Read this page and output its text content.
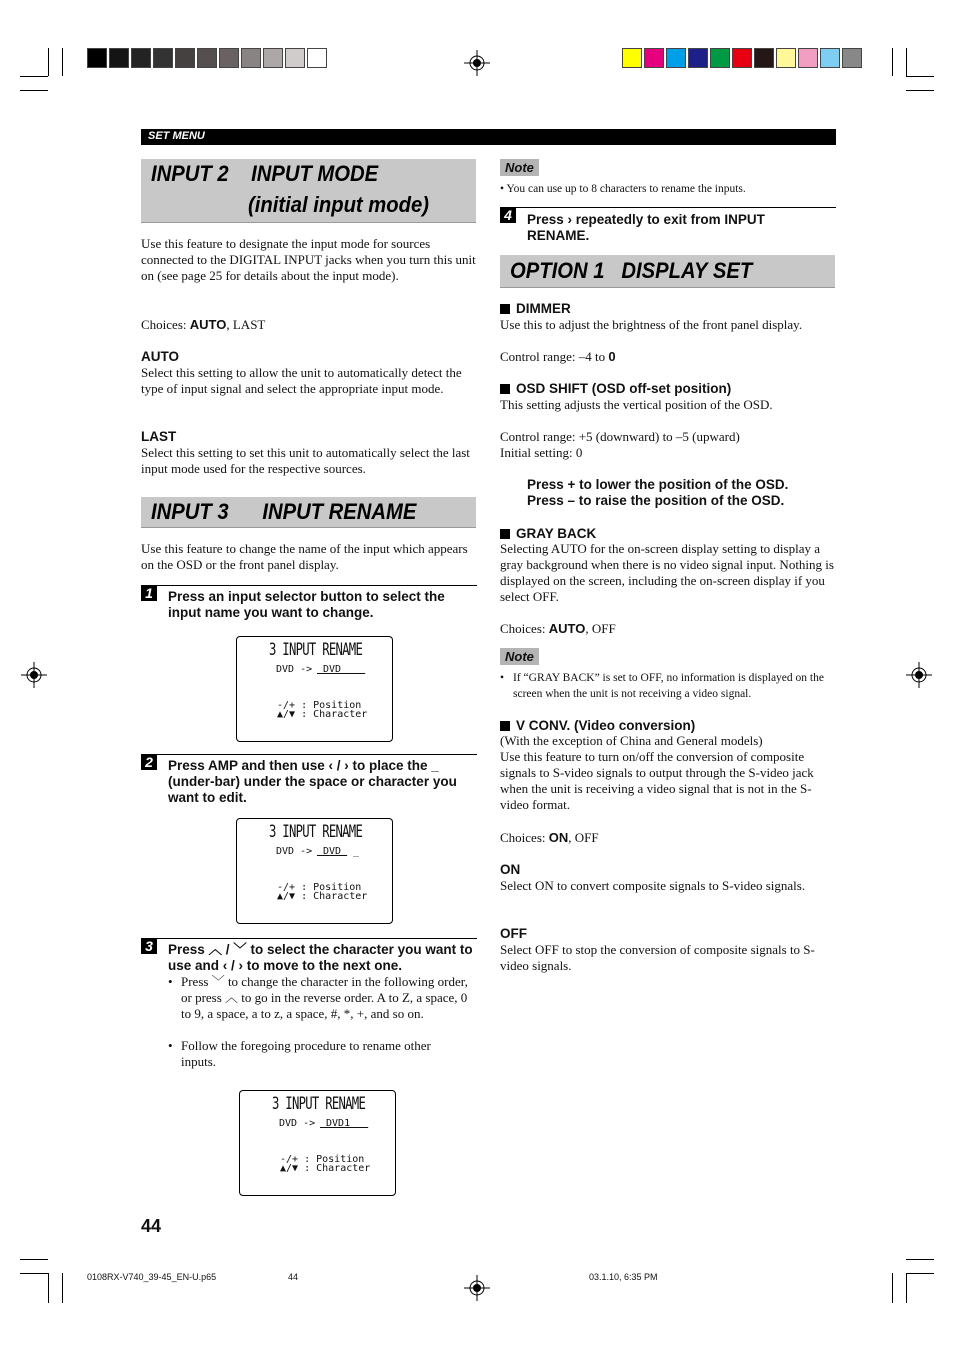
SET MENU
INPUT 2    INPUT MODE
(initial input mode)
Use this feature to designate the input mode for sources connected to the DIGITAL INPUT jacks when you turn this unit on (see page 25 for details about the input mode).
Choices: AUTO, LAST
AUTO
Select this setting to allow the unit to automatically detect the type of input signal and select the appropriate input mode.
LAST
Select this setting to set this unit to automatically select the last input mode used for the respective sources.
INPUT 3      INPUT RENAME
Use this feature to change the name of the input which appears on the OSD or the front panel display.
1	Press an input selector button to select the input name you want to change.
3 INPUT RENAME
DVD -> DVD
-/+ : Position
▲/▼ : Character
2	Press AMP and then use ‹ / › to place the _ (under-bar) under the space or character you want to edit.
3 INPUT RENAME
DVD -> DVD _
-/+ : Position
▲/▼ : Character
3	Press ︿ / ﹀ to select the character you want to use and ‹ / › to move to the next one.
• Press ﹀ to change the character in the following order, or press ︿ to go in the reverse order. A to Z, a space, 0 to 9, a space, a to z, a space, #, *, +, and so on.
• Follow the foregoing procedure to rename other inputs.
3 INPUT RENAME
DVD -> DVD1
-/+ : Position
▲/▼ : Character
44
Note
• You can use up to 8 characters to rename the inputs.
4	Press › repeatedly to exit from INPUT RENAME.
OPTION 1   DISPLAY SET
DIMMER
Use this to adjust the brightness of the front panel display.
Control range: –4 to 0
OSD SHIFT (OSD off-set position)
This setting adjusts the vertical position of the OSD.
Control range: +5 (downward) to –5 (upward)
Initial setting: 0
Press + to lower the position of the OSD.
Press – to raise the position of the OSD.
GRAY BACK
Selecting AUTO for the on-screen display setting to display a gray background when there is no video signal input. Nothing is displayed on the screen, including the on-screen display if you select OFF.
Choices: AUTO, OFF
Note
• If “GRAY BACK” is set to OFF, no information is displayed on the screen when the unit is not receiving a video signal.
V CONV. (Video conversion)
(With the exception of China and General models)
Use this feature to turn on/off the conversion of composite signals to S-video signals to output through the S-video jack when the unit is receiving a video signal that is not in the S-video format.
Choices: ON, OFF
ON
Select ON to convert composite signals to S-video signals.
OFF
Select OFF to stop the conversion of composite signals to S-video signals.
0108RX-V740_39-45_EN-U.p65	44	03.1.10, 6:35 PM
